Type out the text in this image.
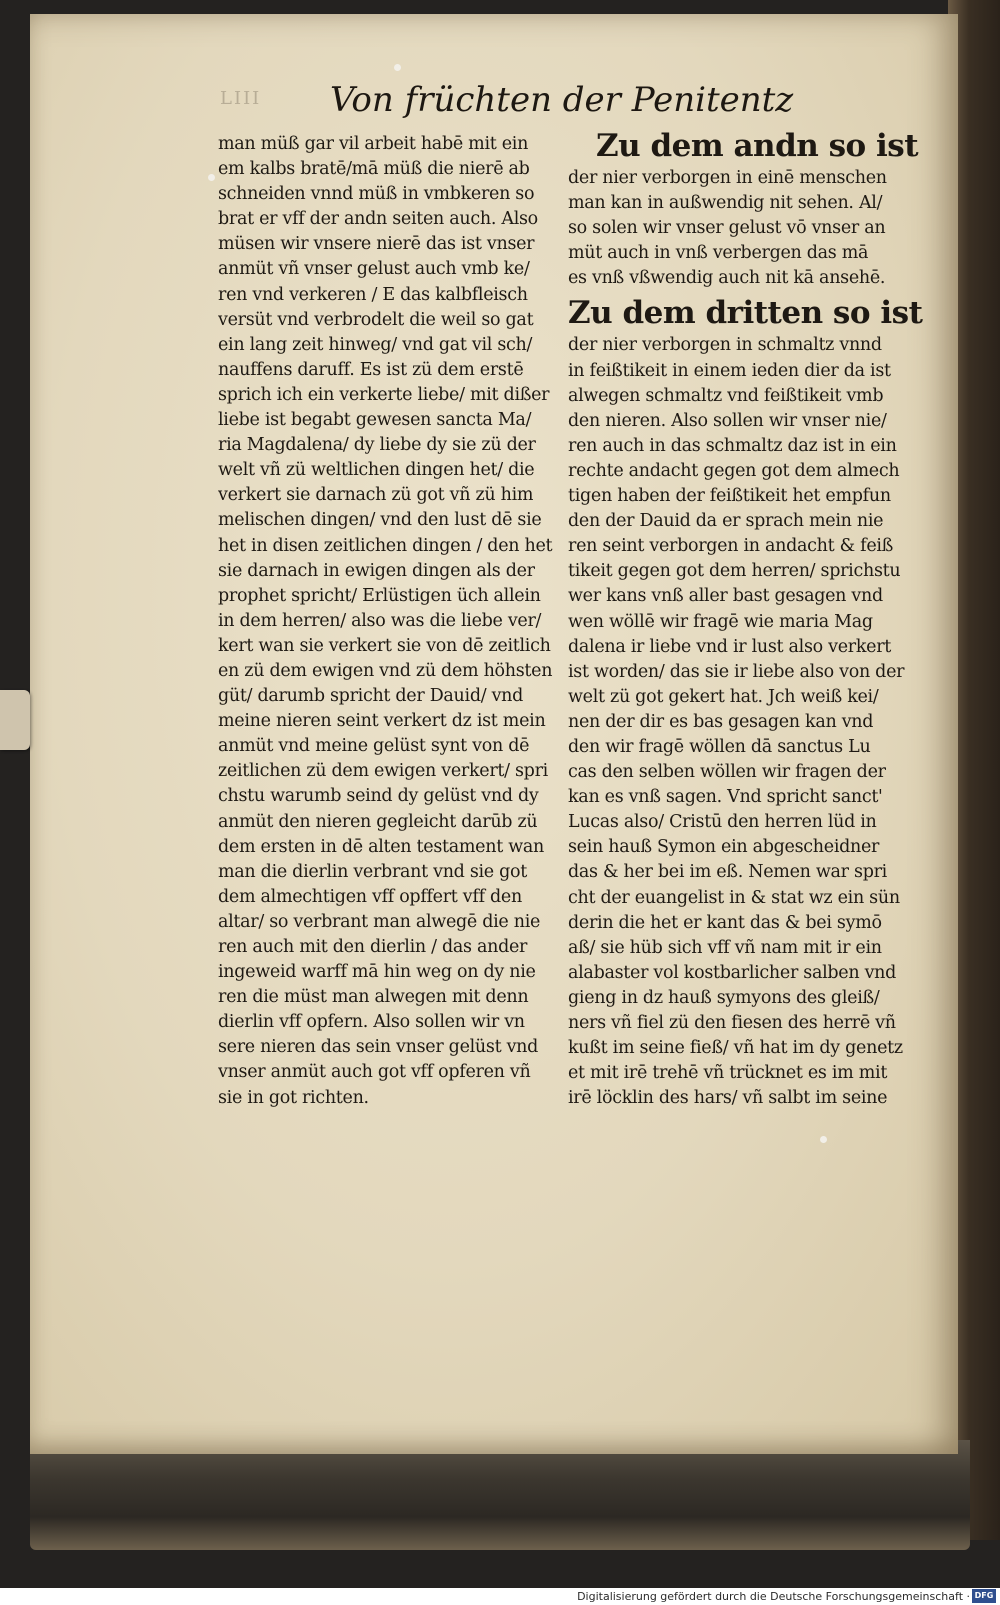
LIII Von früchten der Penitentz
man müß gar vil arbeit habē mit ein
em kalbs bratē/mā müß die nierē ab
schneiden vnnd müß in vmbkeren so
brat er vff der andn seiten auch. Also
müsen wir vnsere nierē das ist vnser
anmüt vñ vnser gelust auch vmb ke/
ren vnd verkeren / E das kalbfleisch
versüt vnd verbrodelt die weil so gat
ein lang zeit hinweg/ vnd gat vil sch/
nauffens daruff. Es ist zü dem erstē
sprich ich ein verkerte liebe/ mit dißer
liebe ist begabt gewesen sancta Ma/
ria Magdalena/ dy liebe dy sie zü der
welt vñ zü weltlichen dingen het/ die
verkert sie darnach zü got vñ zü him
melischen dingen/ vnd den lust dē sie
het in disen zeitlichen dingen / den het
sie darnach in ewigen dingen als der
prophet spricht/ Erlüstigen üch allein
in dem herren/ also was die liebe ver/
kert wan sie verkert sie von dē zeitlich
en zü dem ewigen vnd zü dem höhsten
güt/ darumb spricht der Dauid/ vnd
meine nieren seint verkert dz ist mein
anmüt vnd meine gelüst synt von dē
zeitlichen zü dem ewigen verkert/ spri
chstu warumb seind dy gelüst vnd dy
anmüt den nieren gegleicht darūb zü
dem ersten in dē alten testament wan
man die dierlin verbrant vnd sie got
dem almechtigen vff opffert vff den
altar/ so verbrant man alwegē die nie
ren auch mit den dierlin / das ander
ingeweid warff mā hin weg on dy nie
ren die müst man alwegen mit denn
dierlin vff opfern. Also sollen wir vn
sere nieren das sein vnser gelüst vnd
vnser anmüt auch got vff opferen vñ
sie in got richten.
Zu dem andn so ist
der nier verborgen in einē menschen
man kan in außwendig nit sehen. Al/
so solen wir vnser gelust vō vnser an
müt auch in vnß verbergen das mā
es vnß vßwendig auch nit kā ansehē.
Zu dem dritten so ist
der nier verborgen in schmaltz vnnd
in feißtikeit in einem ieden dier da ist
alwegen schmaltz vnd feißtikeit vmb
den nieren. Also sollen wir vnser nie/
ren auch in das schmaltz daz ist in ein
rechte andacht gegen got dem almech
tigen haben der feißtikeit het empfun
den der Dauid da er sprach mein nie
ren seint verborgen in andacht & feiß
tikeit gegen got dem herren/ sprichstu
wer kans vnß aller bast gesagen vnd
wen wöllē wir fragē wie maria Mag
dalena ir liebe vnd ir lust also verkert
ist worden/ das sie ir liebe also von der
welt zü got gekert hat. Jch weiß kei/
nen der dir es bas gesagen kan vnd
den wir fragē wöllen dā sanctus Lu
cas den selben wöllen wir fragen der
kan es vnß sagen. Vnd spricht sanct'
Lucas also/ Cristū den herren lüd in
sein hauß Symon ein abgescheidner
das & her bei im eß. Nemen war spri
cht der euangelist in & stat wz ein sün
derin die het er kant das & bei symō
aß/ sie hüb sich vff vñ nam mit ir ein
alabaster vol kostbarlicher salben vnd
gieng in dz hauß symyons des gleiß/
ners vñ fiel zü den fiesen des herrē vñ
kußt im seine fieß/ vñ hat im dy genetz
et mit irē trehē vñ trücknet es im mit
irē löcklin des hars/ vñ salbt im seine
Digitalisierung gefördert durch die Deutsche Forschungsgemeinschaft · DFG
